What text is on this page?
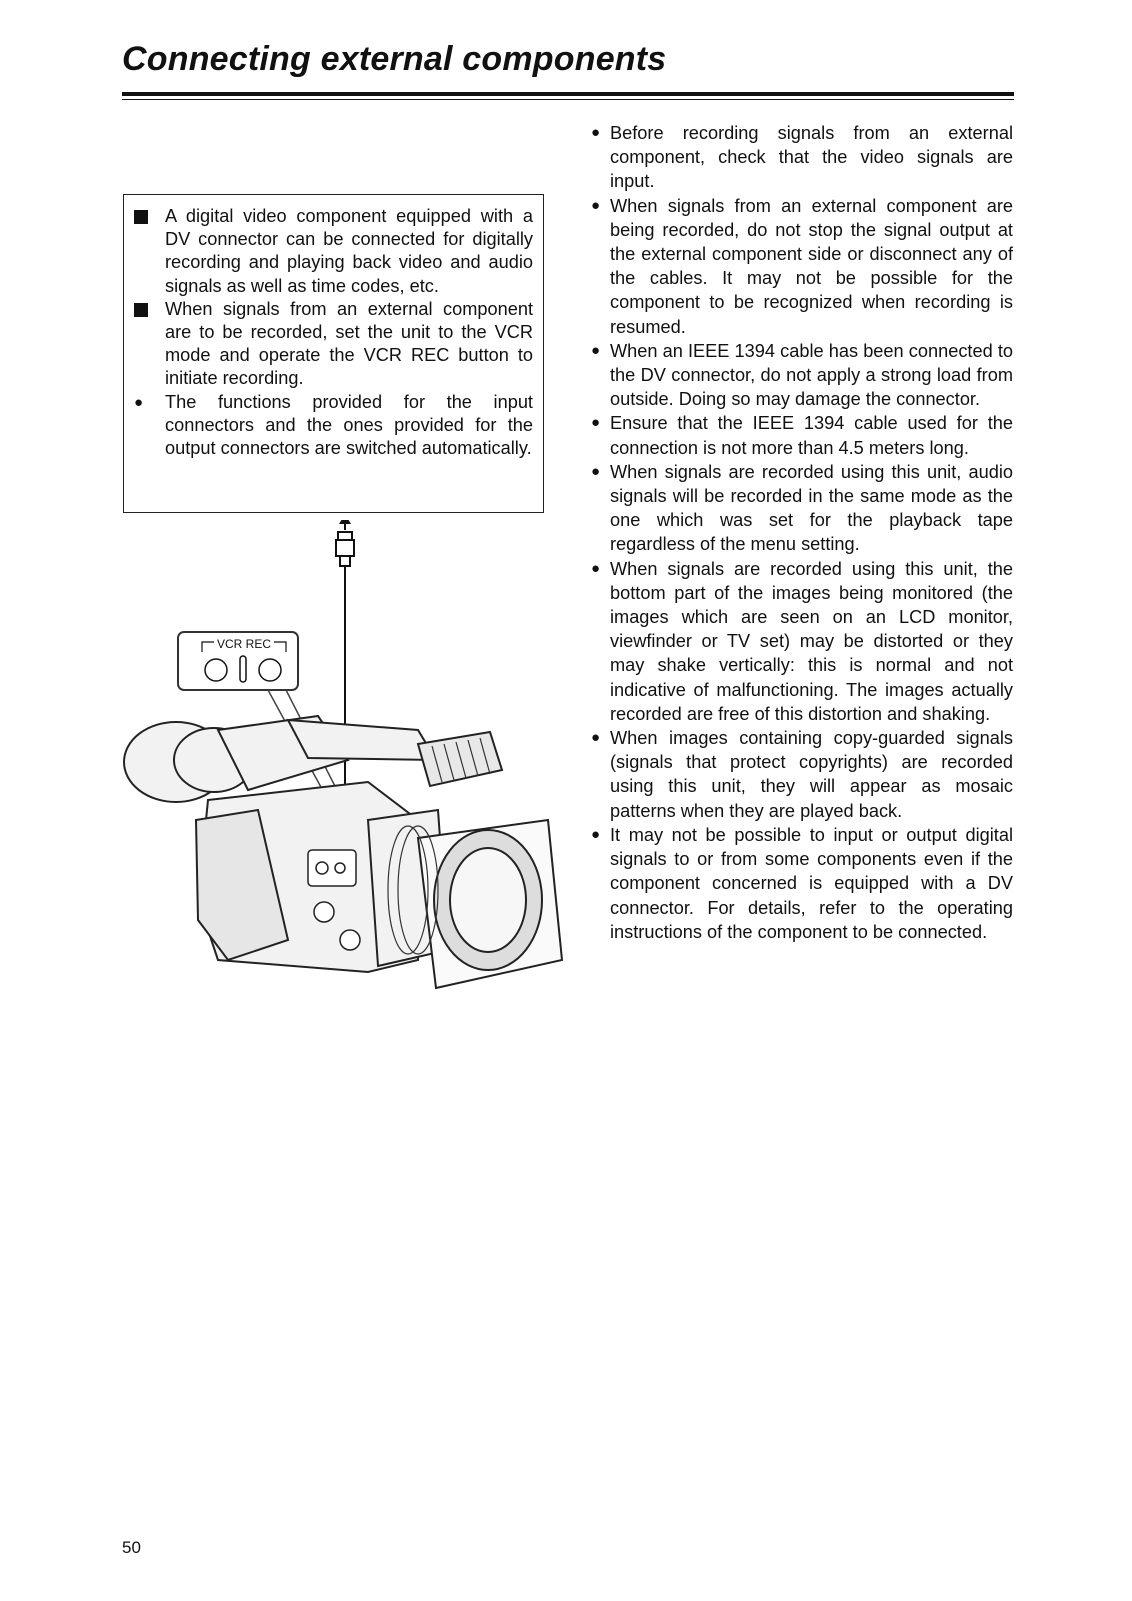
Connecting external components
A digital video component equipped with a DV connector can be connected for digitally recording and playing back video and audio signals as well as time codes, etc.
When signals from an external component are to be recorded, set the unit to the VCR mode and operate the VCR REC button to initiate recording.
● The functions provided for the input connectors and the ones provided for the output connectors are switched automatically.
VCR REC
● Before recording signals from an external component, check that the video signals are input.
● When signals from an external component are being recorded, do not stop the signal output at the external component side or disconnect any of the cables. It may not be possible for the component to be recognized when recording is resumed.
● When an IEEE 1394 cable has been connected to the DV connector, do not apply a strong load from outside. Doing so may damage the connector.
● Ensure that the IEEE 1394 cable used for the connection is not more than 4.5 meters long.
● When signals are recorded using this unit, audio signals will be recorded in the same mode as the one which was set for the playback tape regardless of the menu setting.
● When signals are recorded using this unit, the bottom part of the images being monitored (the images which are seen on an LCD monitor, viewfinder or TV set) may be distorted or they may shake vertically: this is normal and not indicative of malfunctioning. The images actually recorded are free of this distortion and shaking.
● When images containing copy-guarded signals (signals that protect copyrights) are recorded using this unit, they will appear as mosaic patterns when they are played back.
● It may not be possible to input or output digital signals to or from some components even if the component concerned is equipped with a DV connector. For details, refer to the operating instructions of the component to be connected.
50
